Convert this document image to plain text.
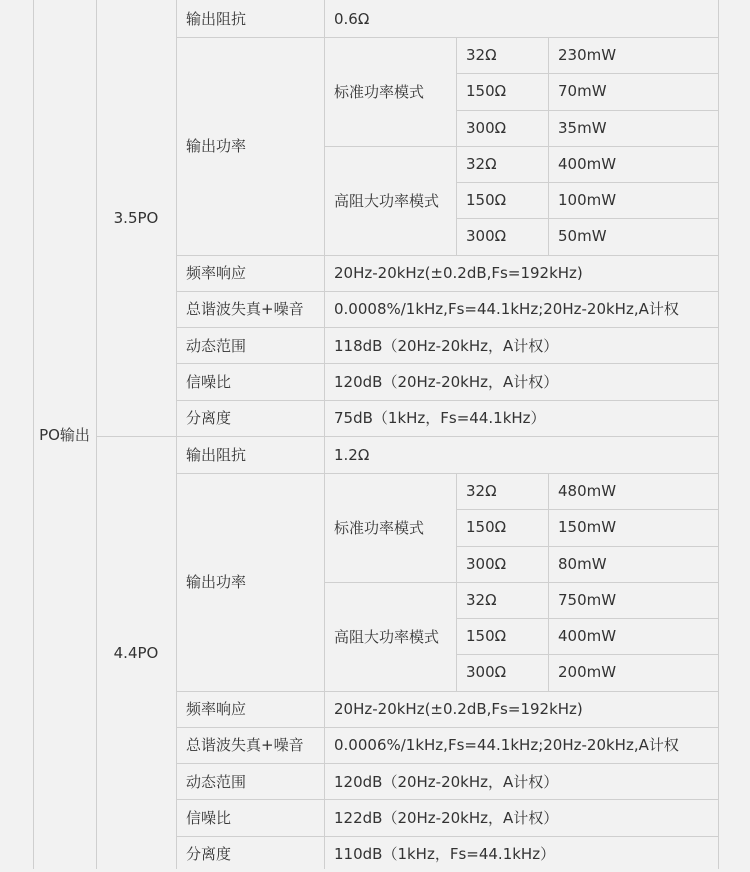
PO输出
3.5PO
输出阻抗	0.6Ω
输出功率
标准功率模式
32Ω	230mW
150Ω	70mW
300Ω	35mW
高阻大功率模式
32Ω	400mW
150Ω	100mW
300Ω	50mW
频率响应	20Hz-20kHz(±0.2dB,Fs=192kHz)
总谐波失真+噪音 0.0008%/1kHz,Fs=44.1kHz;20Hz-20kHz,A计权
动态范围	118dB（20Hz-20kHz，A计权）
信噪比	120dB（20Hz-20kHz，A计权）
分离度	75dB（1kHz，Fs=44.1kHz）
4.4PO
输出阻抗	1.2Ω
输出功率
标准功率模式
32Ω	480mW
150Ω	150mW
300Ω	80mW
高阻大功率模式
32Ω	750mW
150Ω	400mW
300Ω	200mW
频率响应	20Hz-20kHz(±0.2dB,Fs=192kHz)
总谐波失真+噪音 0.0006%/1kHz,Fs=44.1kHz;20Hz-20kHz,A计权
动态范围	120dB（20Hz-20kHz，A计权）
信噪比	122dB（20Hz-20kHz，A计权）
分离度	110dB（1kHz，Fs=44.1kHz）
